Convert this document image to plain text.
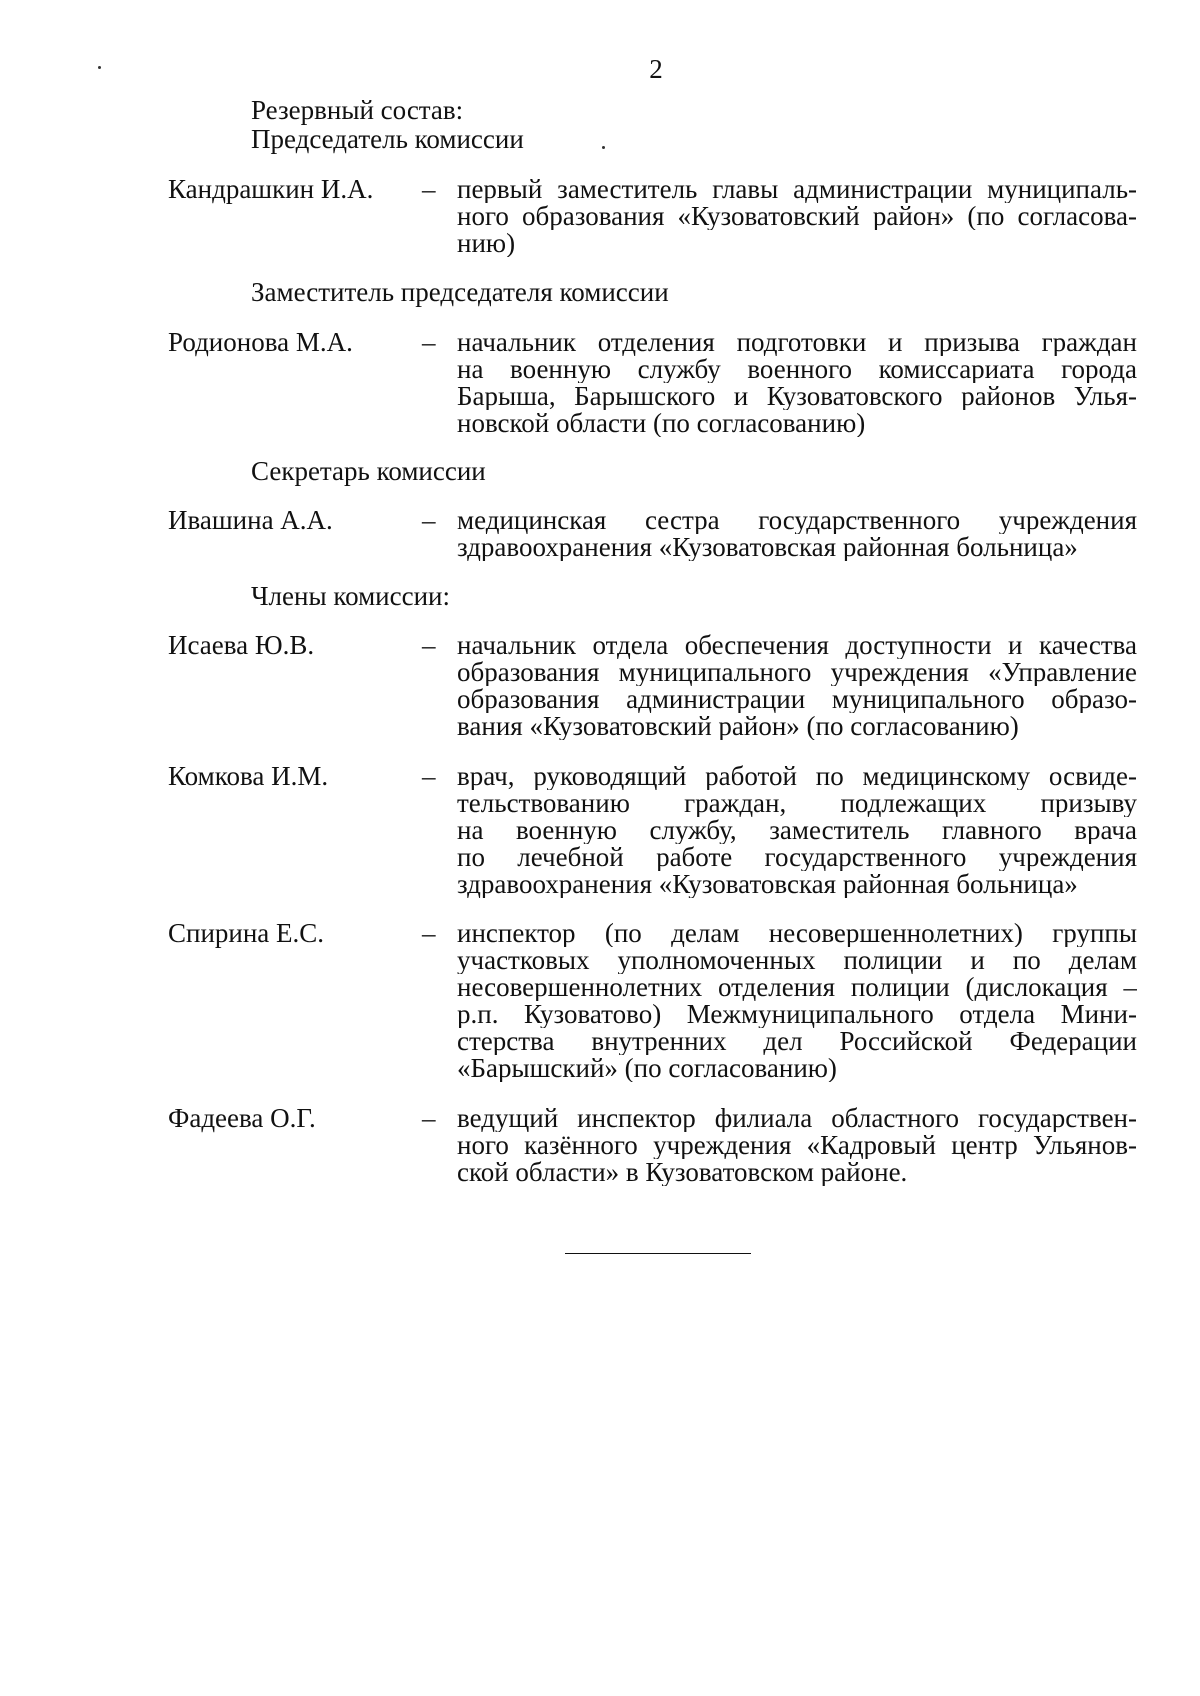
2
Резервный состав:
Председатель комиссии
Кандрашкин И.А. – первый заместитель главы администрации муниципаль-
ного образования «Кузоватовский район» (по согласова-
нию)
Заместитель председателя комиссии
Родионова М.А.	– начальник отделения подготовки и призыва граждан
на военную службу военного комиссариата города
Барыша, Барышского и Кузоватовского районов Улья-
новской области (по согласованию)
Секретарь комиссии
Ивашина А.А.	– медицинская сестра государственного учреждения
здравоохранения «Кузоватовская районная больница»
Члены комиссии:
Исаева Ю.В.	– начальник отдела обеспечения доступности и качества
образования муниципального учреждения «Управление
образования администрации муниципального образо-
вания «Кузоватовский район» (по согласованию)
Комкова И.М.	– врач, руководящий работой по медицинскому освиде-
тельствованию граждан, подлежащих призыву
на военную службу, заместитель главного врача
по лечебной работе государственного учреждения
здравоохранения «Кузоватовская районная больница»
Спирина Е.С.	– инспектор (по делам несовершеннолетних) группы
участковых уполномоченных полиции и по делам
несовершеннолетних отделения полиции (дислокация –
р.п. Кузоватово) Межмуниципального отдела Мини-
стерства внутренних дел Российской Федерации
«Барышский» (по согласованию)
Фадеева О.Г.	– ведущий инспектор филиала областного государствен-
ного казённого учреждения «Кадровый центр Ульянов-
ской области» в Кузоватовском районе.
